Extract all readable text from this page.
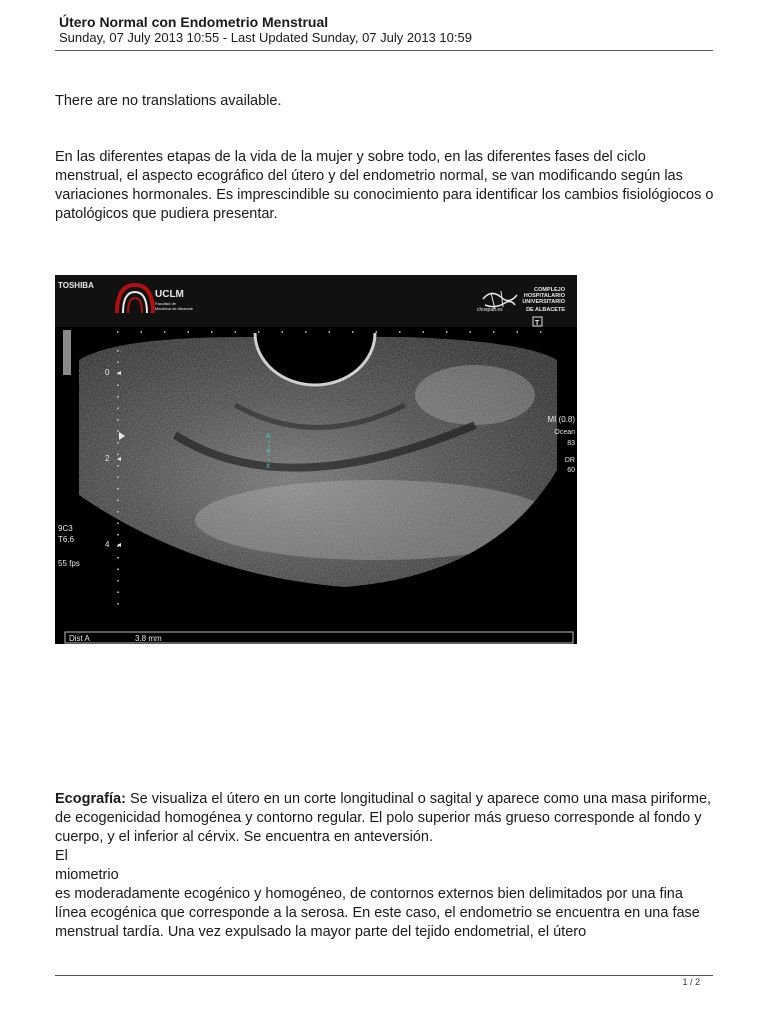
Útero Normal con Endometrio Menstrual
Sunday, 07 July 2013 10:55 - Last Updated Sunday, 07 July 2013 10:59

There are no translations available.

En las diferentes etapas de la vida de la mujer y sobre todo, en las diferentes fases del ciclo menstrual, el aspecto ecográfico del útero y del endometrio normal, se van modificando según las variaciones hormonales. Es imprescindible su conocimiento para identificar los cambios fisiológiocos o patológicos que pudiera presentar.

TOSHIBA
UCLM
Facultad de
Medicina de Albacete
COMPLEJO
HOSPITALARIO
UNIVERSITARIO
chospab.es	DE ALBACETE
T
0
2
4
A
X
X
9C3
T6.6
55 fps
MI (0.8)
Ocean
83
DR
60
Dist A	3.8 mm

Ecografía: Se visualiza el útero en un corte longitudinal o sagital y aparece como una masa piriforme, de ecogenicidad homogénea y contorno regular. El polo superior más grueso corresponde al fondo y cuerpo, y el inferior al cérvix. Se encuentra en anteversión.
El
miometrio
es moderadamente ecogénico y homogéneo, de contornos externos bien delimitados por una fina línea ecogénica que corresponde a la serosa. En este caso, el endometrio se encuentra en una fase menstrual tardía. Una vez expulsado la mayor parte del tejido endometrial, el útero

1 / 2
